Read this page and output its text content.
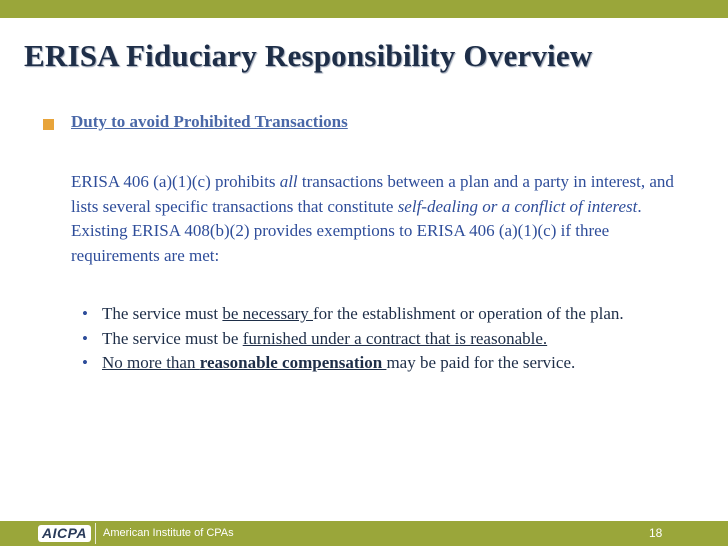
ERISA Fiduciary Responsibility Overview
Duty to avoid Prohibited Transactions
ERISA 406 (a)(1)(c) prohibits all transactions between a plan and a party in interest, and lists several specific transactions that constitute self-dealing or a conflict of interest. Existing ERISA 408(b)(2) provides exemptions to ERISA 406 (a)(1)(c) if three requirements are met:
• The service must be necessary for the establishment or operation of the plan.
• The service must be furnished under a contract that is reasonable.
• No more than reasonable compensation may be paid for the service.
AICPA	American Institute of CPAs	18
